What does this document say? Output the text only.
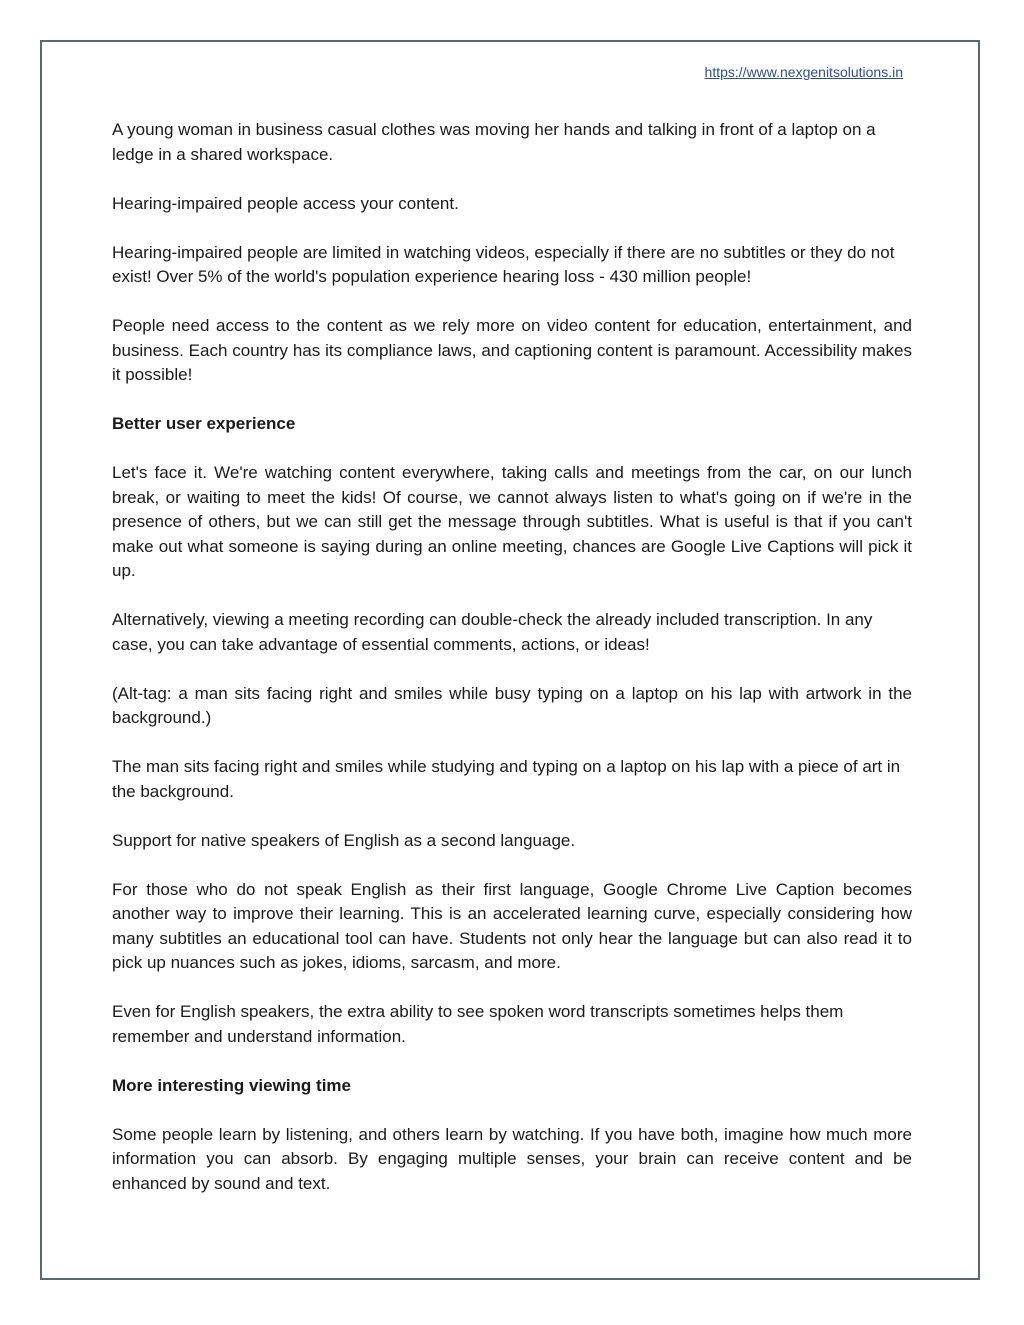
https://www.nexgenitsolutions.in

A young woman in business casual clothes was moving her hands and talking in front of a laptop on a ledge in a shared workspace.

Hearing-impaired people access your content.

Hearing-impaired people are limited in watching videos, especially if there are no subtitles or they do not exist! Over 5% of the world's population experience hearing loss - 430 million people!

People need access to the content as we rely more on video content for education, entertainment, and business. Each country has its compliance laws, and captioning content is paramount. Accessibility makes it possible!

Better user experience

Let's face it. We're watching content everywhere, taking calls and meetings from the car, on our lunch break, or waiting to meet the kids! Of course, we cannot always listen to what's going on if we're in the presence of others, but we can still get the message through subtitles. What is useful is that if you can't make out what someone is saying during an online meeting, chances are Google Live Captions will pick it up.

Alternatively, viewing a meeting recording can double-check the already included transcription. In any case, you can take advantage of essential comments, actions, or ideas!

(Alt-tag: a man sits facing right and smiles while busy typing on a laptop on his lap with artwork in the background.)

The man sits facing right and smiles while studying and typing on a laptop on his lap with a piece of art in the background.

Support for native speakers of English as a second language.

For those who do not speak English as their first language, Google Chrome Live Caption becomes another way to improve their learning. This is an accelerated learning curve, especially considering how many subtitles an educational tool can have. Students not only hear the language but can also read it to pick up nuances such as jokes, idioms, sarcasm, and more.

Even for English speakers, the extra ability to see spoken word transcripts sometimes helps them remember and understand information.

More interesting viewing time

Some people learn by listening, and others learn by watching. If you have both, imagine how much more information you can absorb. By engaging multiple senses, your brain can receive content and be enhanced by sound and text.
